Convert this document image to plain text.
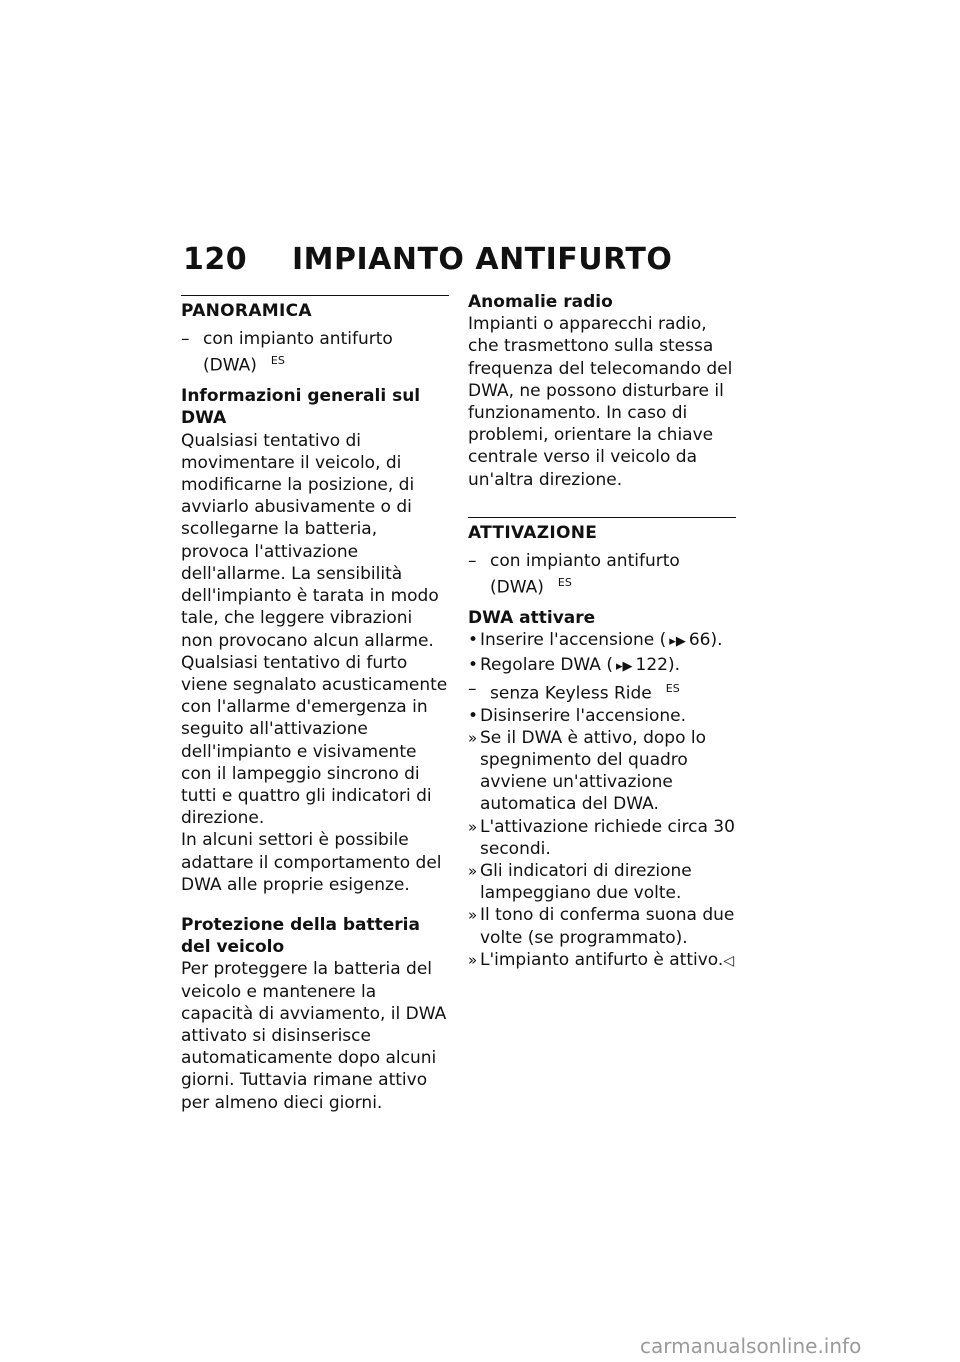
120 IMPIANTO ANTIFURTO
PANORAMICA
– con impianto antifurto (DWA) $^{ES}$
Informazioni generali sul DWA

Qualsiasi tentativo di movimentare il veicolo, di modificarne la posizione, di avviarlo abusivamente o di scollegarne la batteria, provoca l'attivazione dell'allarme. La sensibilità dell'impianto è tarata in modo tale, che leggere vibrazioni non provocano alcun allarme. Qualsiasi tentativo di furto viene segnalato acusticamente con l'allarme d'emergenza in seguito all'attivazione dell'impianto e visivamente con il lampeggio sincrono di tutti e quattro gli indicatori di direzione.

In alcuni settori è possibile adattare il comportamento del DWA alle proprie esigenze.

Protezione della batteria del veicolo

Per proteggere la batteria del veicolo e mantenere la capacità di avviamento, il DWA attivato si disinserisce automaticamente dopo alcuni giorni. Tuttavia rimane attivo per almeno dieci giorni.

Anomalie radio

Impianti o apparecchi radio, che trasmettono sulla stessa frequenza del telecomando del DWA, ne possono disturbare il funzionamento. In caso di problemi, orientare la chiave centrale verso il veicolo da un'altra direzione.

ATTIVAZIONE
– con impianto antifurto (DWA) $^{ES}$
DWA attivare
• Inserire l'accensione ( ▸▶ 66).
• Regolare DWA ( ▸▶ 122).
– senza Keyless Ride $^{ES}$
• Disinserire l'accensione.
» Se il DWA è attivo, dopo lo spegnimento del quadro avviene un'attivazione automatica del DWA.
» L'attivazione richiede circa 30 secondi.
» Gli indicatori di direzione lampeggiano due volte.
» Il tono di conferma suona due volte (se programmato).
» L'impianto antifurto è attivo.◁
carmanualsonline.info
